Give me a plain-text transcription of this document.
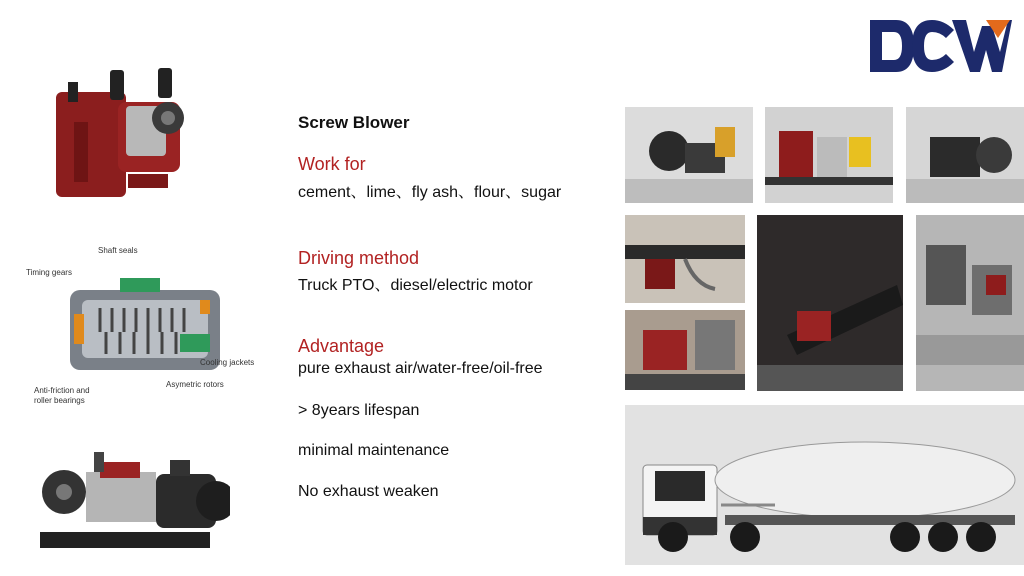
Shaft seals
Timing gears
Cooling jackets
Asymetric rotors
Anti-friction and
roller bearings
Screw Blower
Work for
cement、lime、fly ash、flour、sugar
Driving method
Truck PTO、diesel/electric motor
Advantage
pure exhaust air/water-free/oil-free
> 8years lifespan
minimal maintenance
No exhaust weaken
